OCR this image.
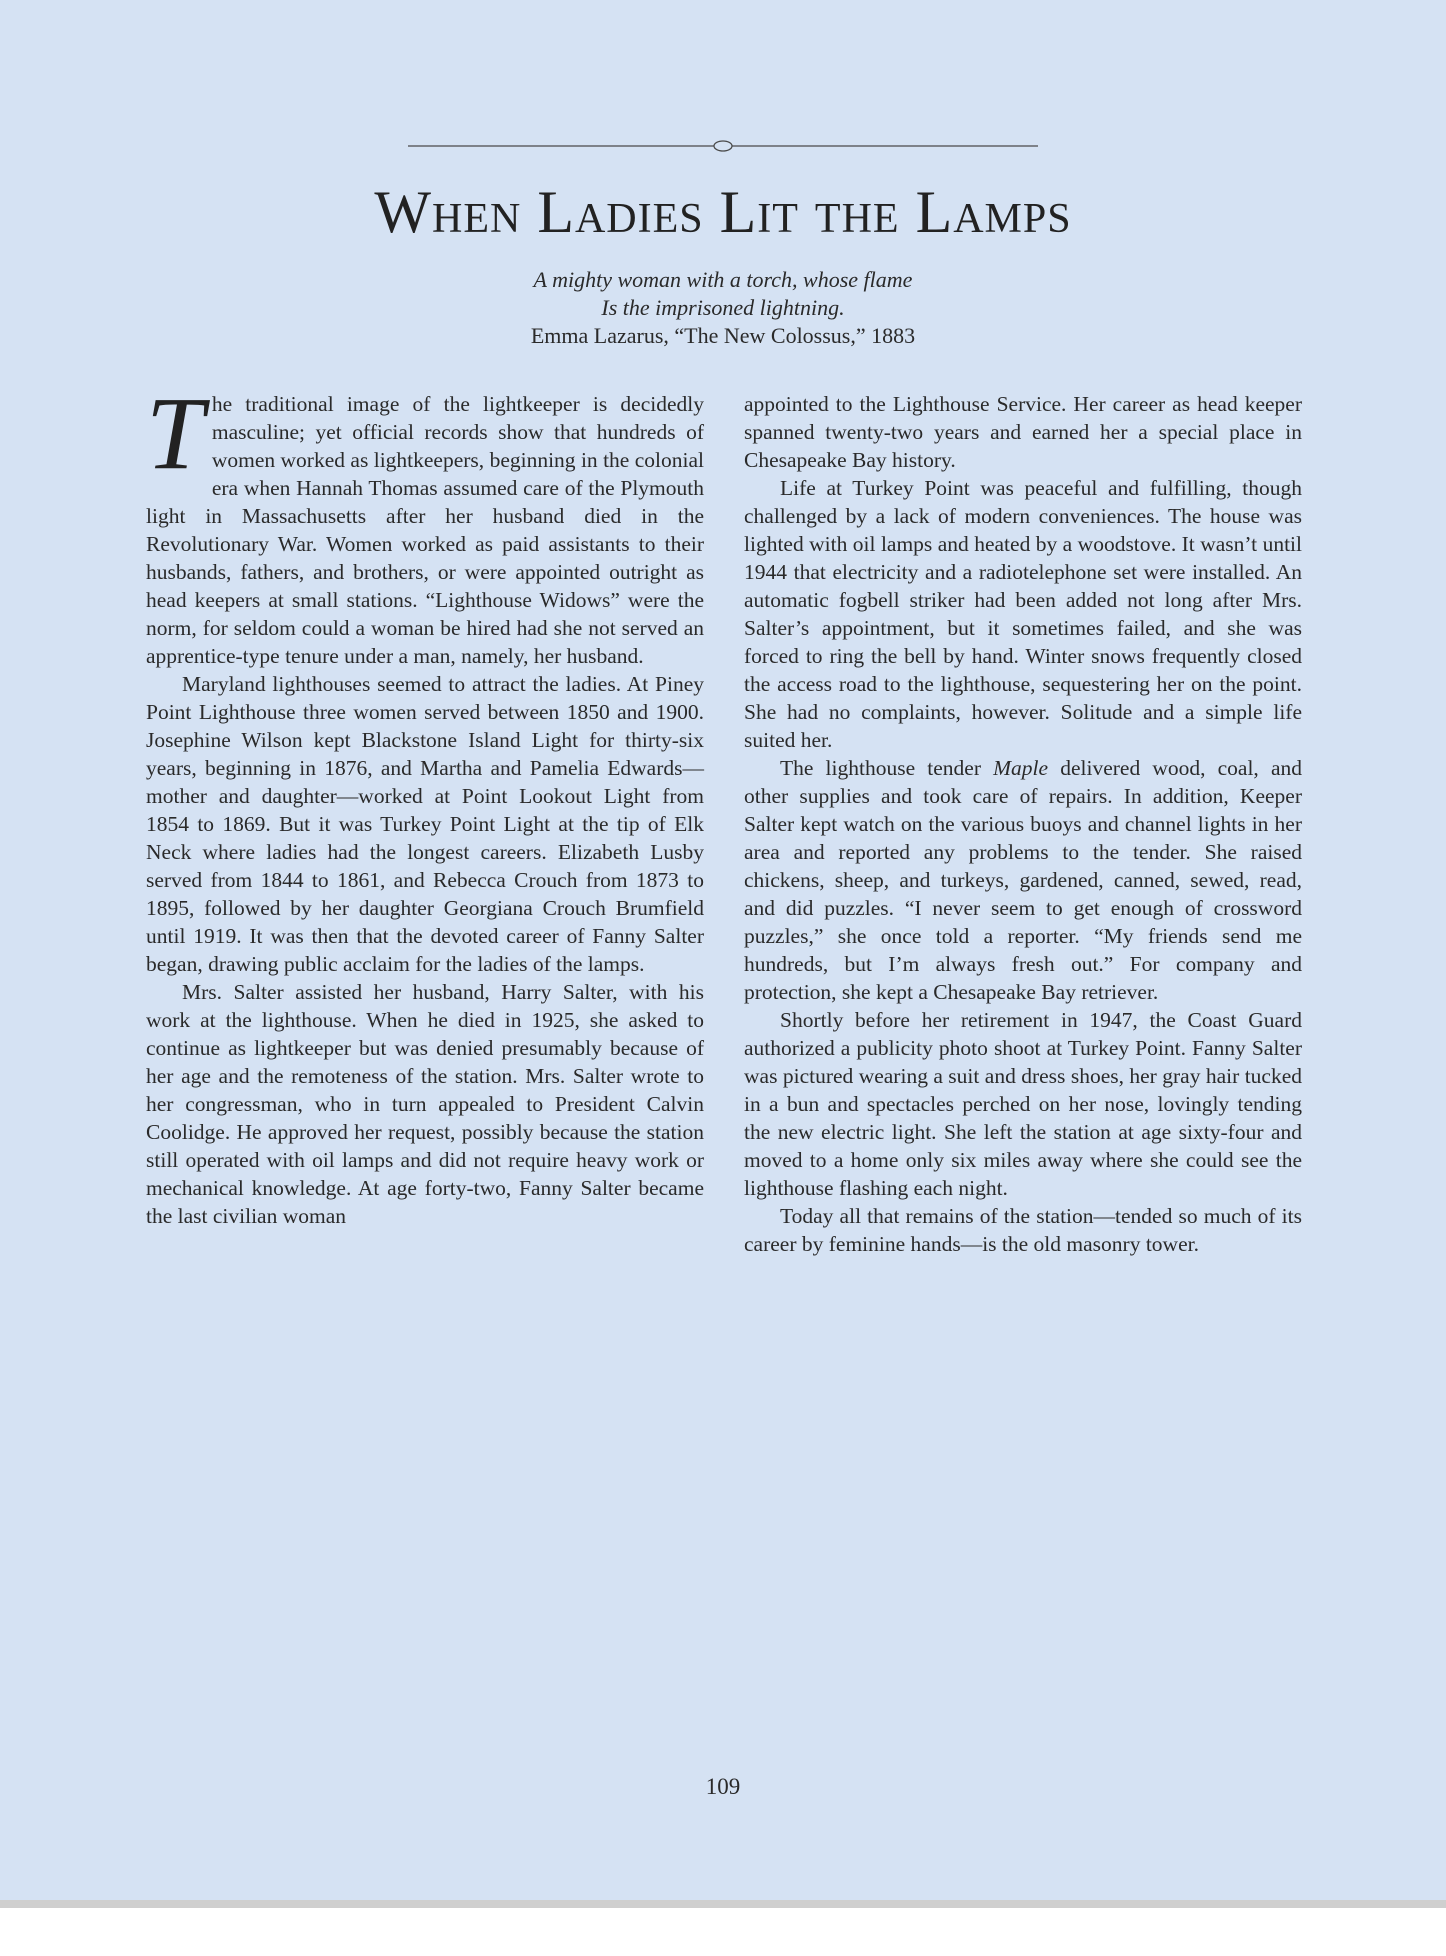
When Ladies Lit the Lamps
A mighty woman with a torch, whose flame
Is the imprisoned lightning.
Emma Lazarus, “The New Colossus,” 1883

The traditional image of the lightkeeper is decidedly masculine; yet official records show that hundreds of women worked as lightkeepers, beginning in the colonial era when Hannah Thomas assumed care of the Plymouth light in Massachusetts after her husband died in the Revolutionary War. Women worked as paid assistants to their husbands, fathers, and brothers, or were appointed outright as head keepers at small stations. “Lighthouse Widows” were the norm, for seldom could a woman be hired had she not served an apprentice-type tenure under a man, namely, her husband.

Maryland lighthouses seemed to attract the ladies. At Piney Point Lighthouse three women served between 1850 and 1900. Josephine Wilson kept Blackstone Island Light for thirty-six years, beginning in 1876, and Martha and Pamelia Edwards—mother and daughter—worked at Point Lookout Light from 1854 to 1869. But it was Turkey Point Light at the tip of Elk Neck where ladies had the longest careers. Elizabeth Lusby served from 1844 to 1861, and Rebecca Crouch from 1873 to 1895, followed by her daughter Georgiana Crouch Brumfield until 1919. It was then that the devoted career of Fanny Salter began, drawing public acclaim for the ladies of the lamps.

Mrs. Salter assisted her husband, Harry Salter, with his work at the lighthouse. When he died in 1925, she asked to continue as lightkeeper but was denied presumably because of her age and the remoteness of the station. Mrs. Salter wrote to her congressman, who in turn appealed to President Calvin Coolidge. He approved her request, possibly because the station still operated with oil lamps and did not require heavy work or mechanical knowledge. At age forty-two, Fanny Salter became the last civilian woman

appointed to the Lighthouse Service. Her career as head keeper spanned twenty-two years and earned her a special place in Chesapeake Bay history.

Life at Turkey Point was peaceful and fulfilling, though challenged by a lack of modern conveniences. The house was lighted with oil lamps and heated by a woodstove. It wasn’t until 1944 that electricity and a radiotelephone set were installed. An automatic fogbell striker had been added not long after Mrs. Salter’s appointment, but it sometimes failed, and she was forced to ring the bell by hand. Winter snows frequently closed the access road to the lighthouse, sequestering her on the point. She had no complaints, however. Solitude and a simple life suited her.

The lighthouse tender Maple delivered wood, coal, and other supplies and took care of repairs. In addition, Keeper Salter kept watch on the various buoys and channel lights in her area and reported any problems to the tender. She raised chickens, sheep, and turkeys, gardened, canned, sewed, read, and did puzzles. “I never seem to get enough of crossword puzzles,” she once told a reporter. “My friends send me hundreds, but I’m always fresh out.” For company and protection, she kept a Chesapeake Bay retriever.

Shortly before her retirement in 1947, the Coast Guard authorized a publicity photo shoot at Turkey Point. Fanny Salter was pictured wearing a suit and dress shoes, her gray hair tucked in a bun and spectacles perched on her nose, lovingly tending the new electric light. She left the station at age sixty-four and moved to a home only six miles away where she could see the lighthouse flashing each night.

Today all that remains of the station—tended so much of its career by feminine hands—is the old masonry tower.

109
